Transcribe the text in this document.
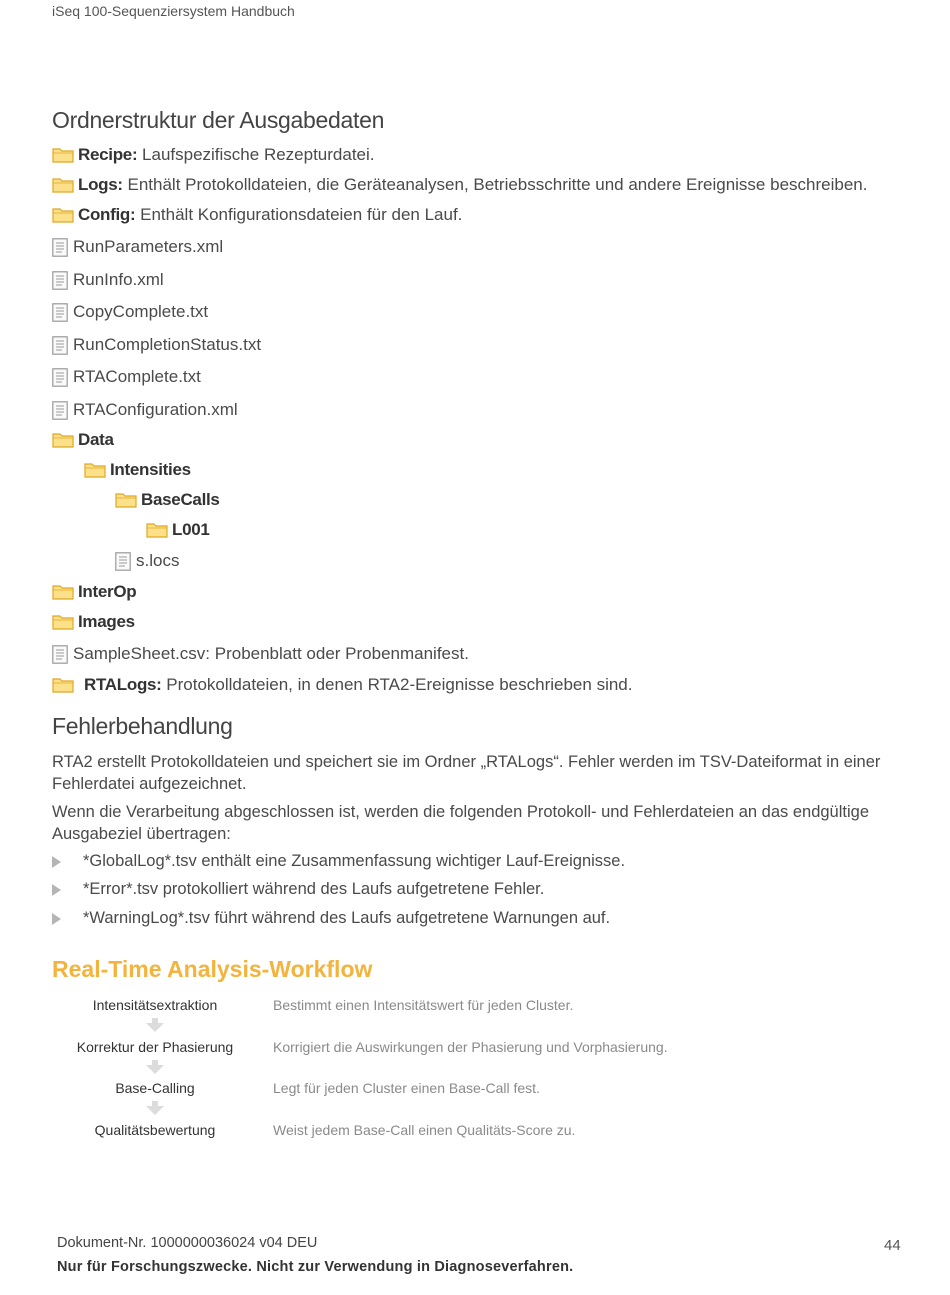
iSeq 100-Sequenziersystem Handbuch
Ordnerstruktur der Ausgabedaten
Recipe: Laufspezifische Rezepturdatei.
Logs: Enthält Protokolldateien, die Geräteanalysen, Betriebsschritte und andere Ereignisse beschreiben.
Config: Enthält Konfigurationsdateien für den Lauf.
RunParameters.xml
RunInfo.xml
CopyComplete.txt
RunCompletionStatus.txt
RTAComplete.txt
RTAConfiguration.xml
Data
Intensities
BaseCalls
L001
s.locs
InterOp
Images
SampleSheet.csv : Probenblatt oder Probenmanifest.
RTALogs: Protokolldateien, in denen RTA2-Ereignisse beschrieben sind.
Fehlerbehandlung

RTA2 erstellt Protokolldateien und speichert sie im Ordner „RTALogs“. Fehler werden im TSV-Dateiformat in einer Fehlerdatei aufgezeichnet.

Wenn die Verarbeitung abgeschlossen ist, werden die folgenden Protokoll- und Fehlerdateien an das endgültige Ausgabeziel übertragen:

*GlobalLog*.tsv enthält eine Zusammenfassung wichtiger Lauf-Ereignisse.
*Error*.tsv protokolliert während des Laufs aufgetretene Fehler.
*WarningLog*.tsv führt während des Laufs aufgetretene Warnungen auf.
Real-Time Analysis-Workflow
Intensitätsextraktion	Bestimmt einen Intensitätswert für jeden Cluster.
Korrektur der Phasierung	Korrigiert die Auswirkungen der Phasierung und Vorphasierung.
Base-Calling	Legt für jeden Cluster einen Base-Call fest.
Qualitätsbewertung	Weist jedem Base-Call einen Qualitäts-Score zu.
Dokument-Nr. 1000000036024 v04 DEU
Nur für Forschungszwecke. Nicht zur Verwendung in Diagnoseverfahren.
44
